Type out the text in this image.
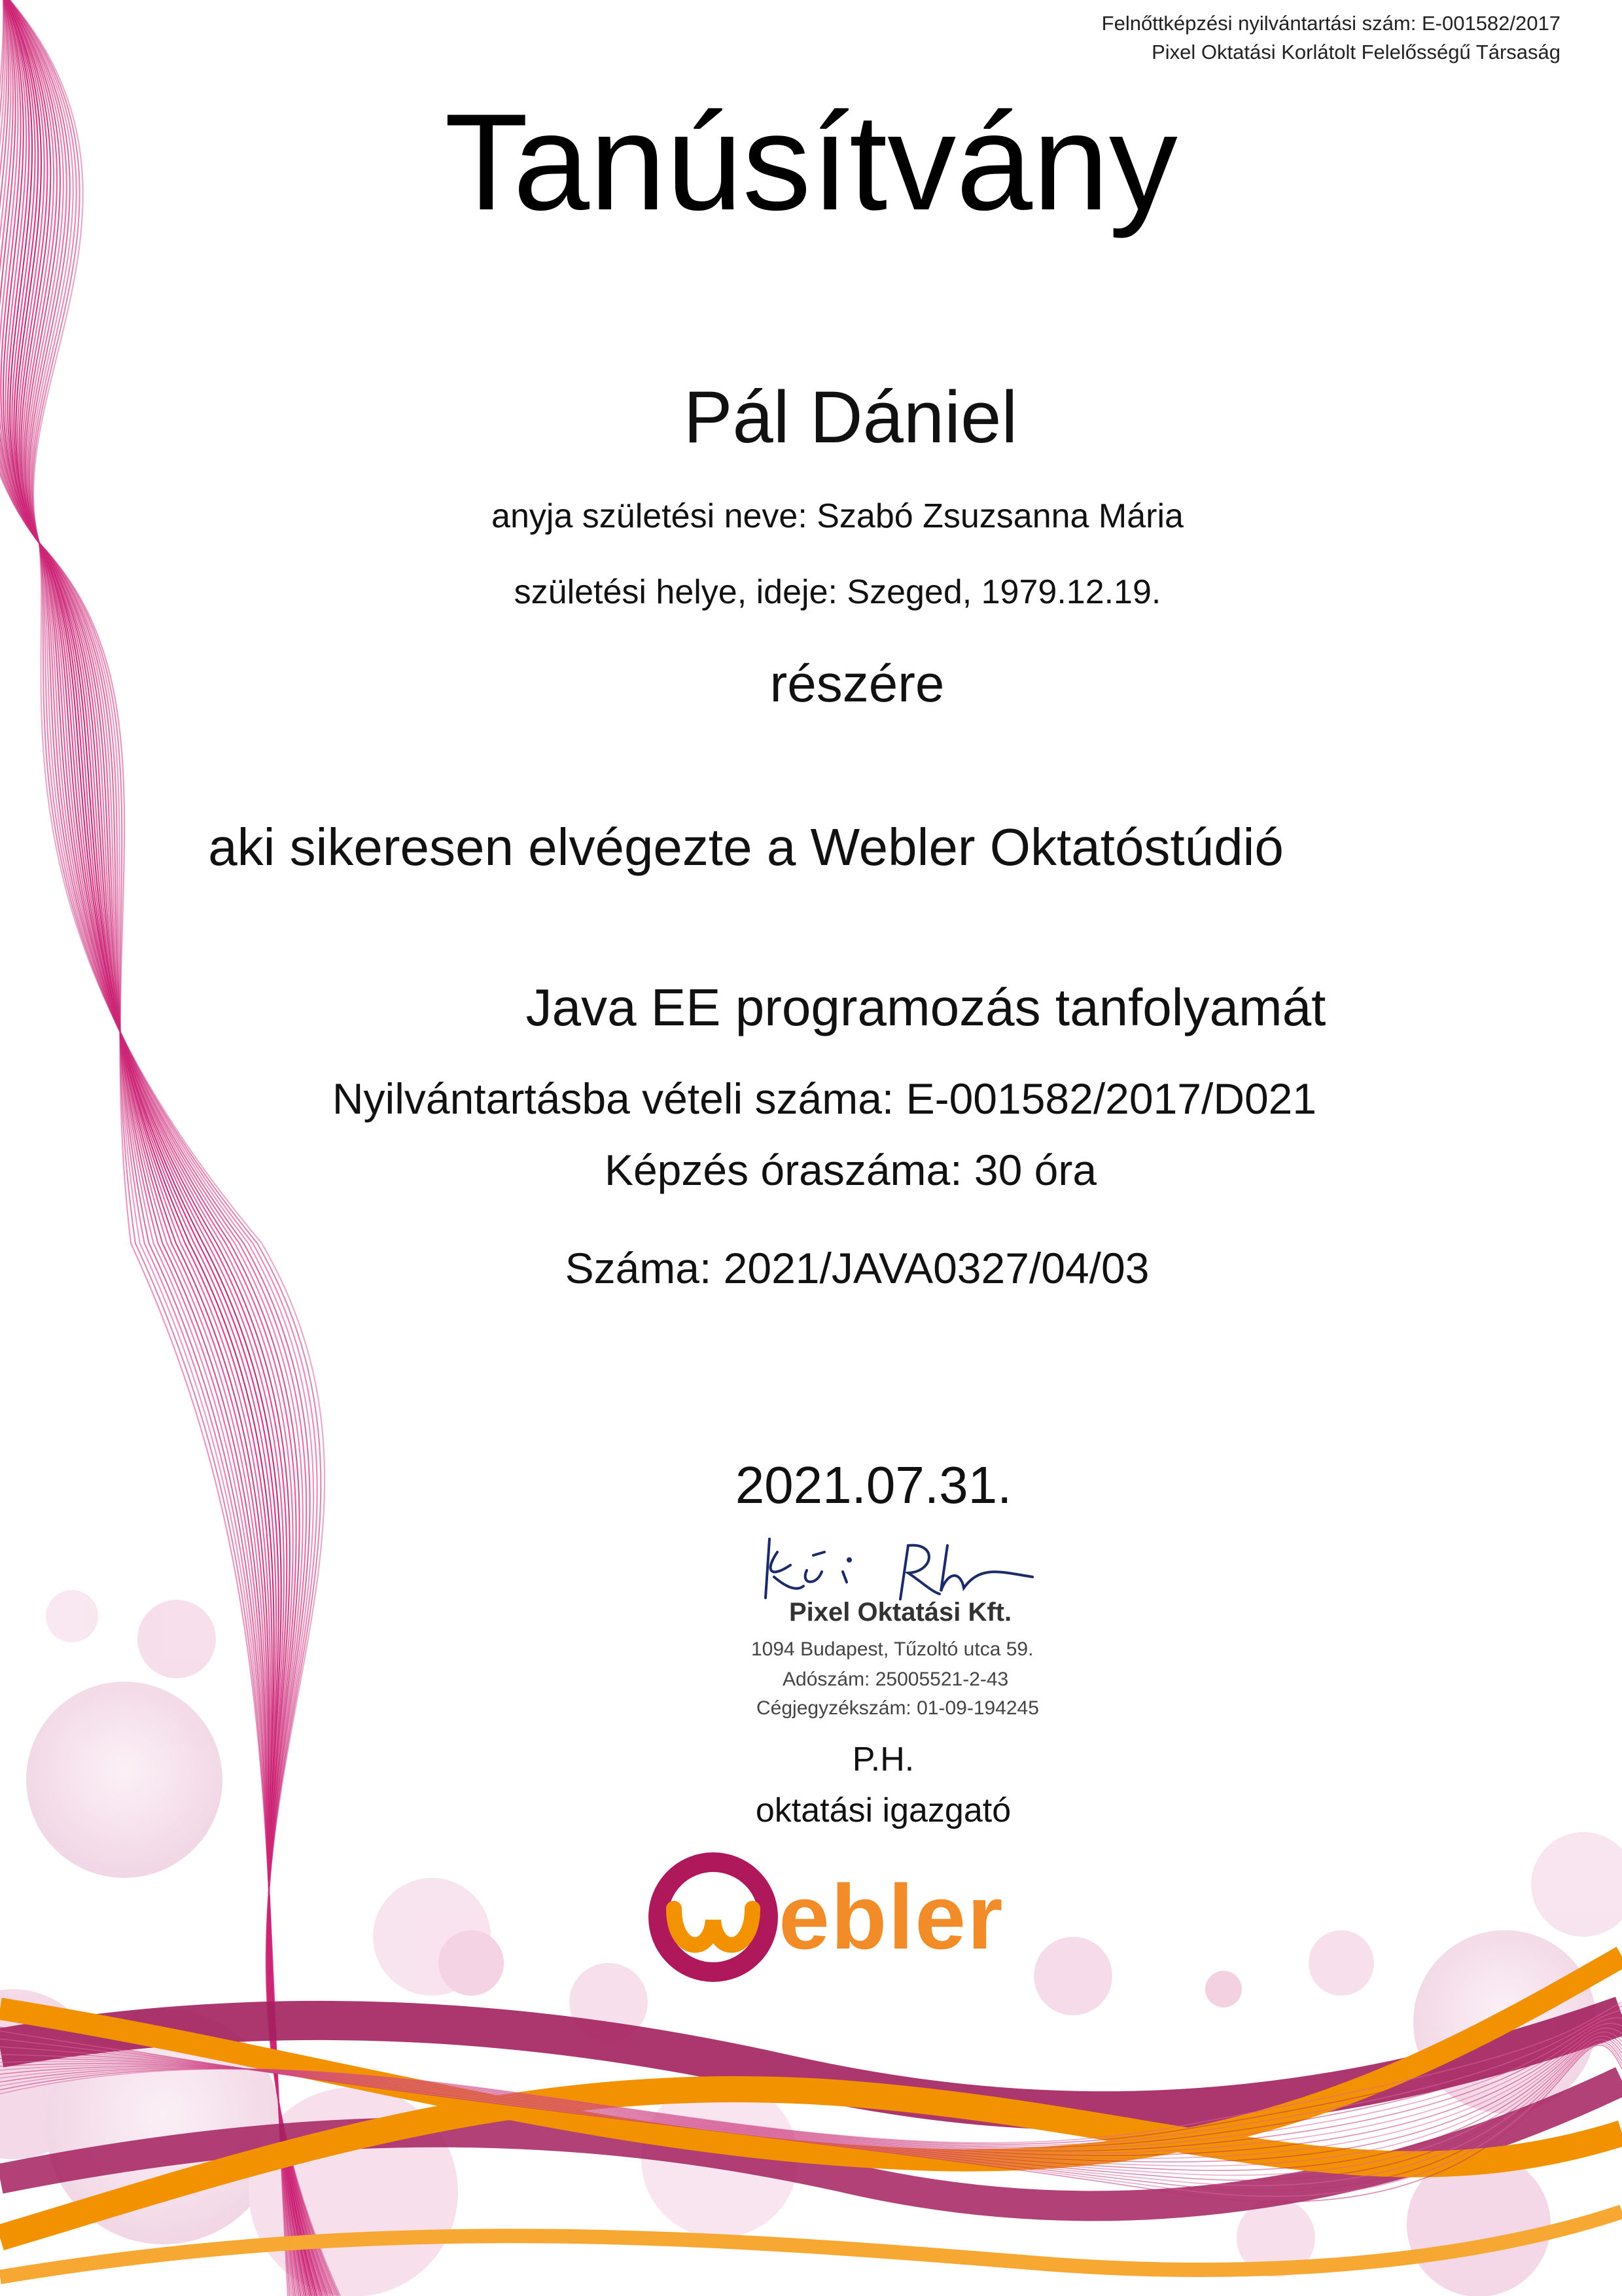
Felnőttképzési nyilvántartási szám: E-001582/2017
Pixel Oktatási Korlátolt Felelősségű Társaság
Tanúsítvány
Pál Dániel
anyja születési neve: Szabó Zsuzsanna Mária
születési helye, ideje: Szeged, 1979.12.19.
részére
aki sikeresen elvégezte a Webler Oktatóstúdió
Java EE programozás tanfolyamát
Nyilvántartásba vételi száma: E-001582/2017/D021
Képzés óraszáma: 30 óra
Száma: 2021/JAVA0327/04/03
2021.07.31.
Pixel Oktatási Kft.
1094 Budapest, Tűzoltó utca 59.
Adószám: 25005521-2-43
Cégjegyzékszám: 01-09-194245
P.H.
oktatási igazgató
ebler
